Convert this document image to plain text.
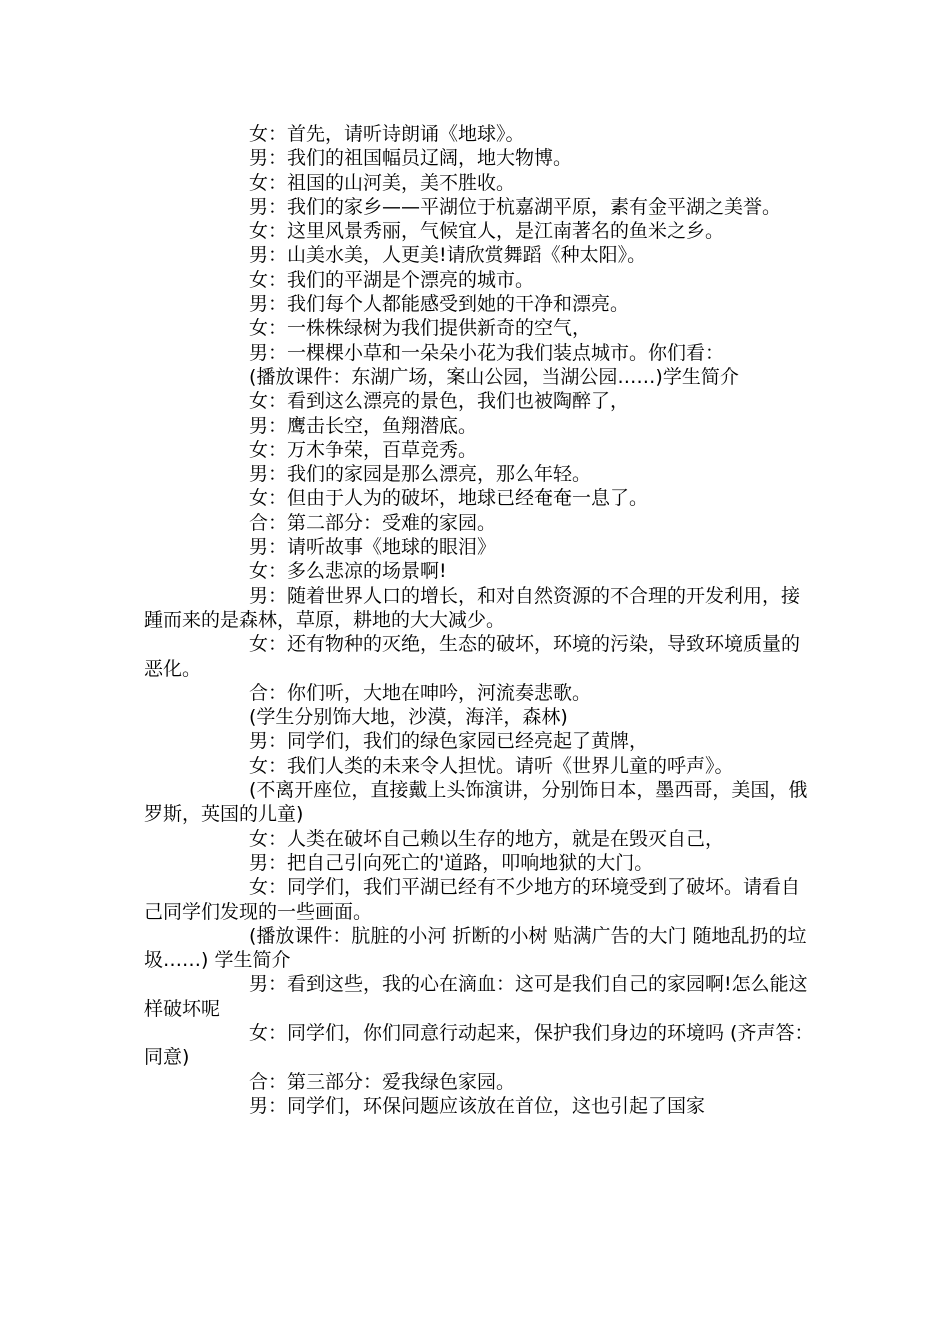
女：首先，请听诗朗诵《地球》。

男：我们的祖国幅员辽阔，地大物博。

女：祖国的山河美，美不胜收。

男：我们的家乡——平湖位于杭嘉湖平原，素有金平湖之美誉。

女：这里风景秀丽，气候宜人，是江南著名的鱼米之乡。

男：山美水美，人更美!请欣赏舞蹈《种太阳》。

女：我们的平湖是个漂亮的城市。

男：我们每个人都能感受到她的干净和漂亮。

女：一株株绿树为我们提供新奇的空气，

男：一棵棵小草和一朵朵小花为我们装点城市。你们看：

(播放课件：东湖广场，案山公园，当湖公园……)学生简介

女：看到这么漂亮的景色，我们也被陶醉了，

男：鹰击长空，鱼翔潜底。

女：万木争荣，百草竞秀。

男：我们的家园是那么漂亮，那么年轻。

女：但由于人为的破坏，地球已经奄奄一息了。

合：第二部分：受难的家园。

男：请听故事《地球的眼泪》

女：多么悲凉的场景啊!

男：随着世界人口的增长，和对自然资源的不合理的开发利用，接踵而来的是森林，草原，耕地的大大减少。

女：还有物种的灭绝，生态的破坏，环境的污染，导致环境质量的恶化。

合：你们听，大地在呻吟，河流奏悲歌。

(学生分别饰大地，沙漠，海洋，森林)

男：同学们，我们的绿色家园已经亮起了黄牌，

女：我们人类的未来令人担忧。请听《世界儿童的呼声》。

(不离开座位，直接戴上头饰演讲，分别饰日本，墨西哥，美国，俄罗斯，英国的儿童)

女：人类在破坏自己赖以生存的地方，就是在毁灭自己，

男：把自己引向死亡的'道路，叩响地狱的大门。

女：同学们，我们平湖已经有不少地方的环境受到了破坏。请看自己同学们发现的一些画面。

(播放课件：肮脏的小河 折断的小树 贴满广告的大门 随地乱扔的垃圾……) 学生简介

男：看到这些，我的心在滴血：这可是我们自己的家园啊!怎么能这样破坏呢

女：同学们，你们同意行动起来，保护我们身边的环境吗 (齐声答：同意)

合：第三部分：爱我绿色家园。

男：同学们，环保问题应该放在首位，这也引起了国家
